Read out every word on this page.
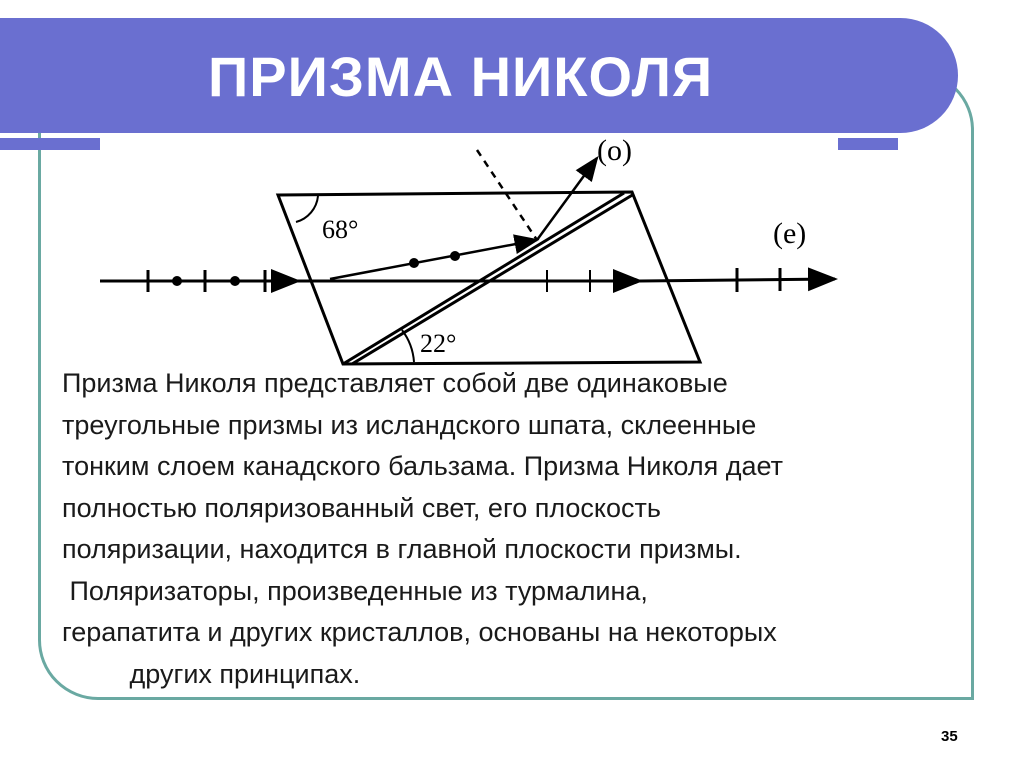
ПРИЗМА НИКОЛЯ
68°
22°
(o)
(e)
Призма Николя представляет собой две одинаковые
треугольные призмы из исландского шпата, склеенные
тонким слоем канадского бальзама. Призма Николя дает
полностью поляризованный свет, его плоскость
поляризации, находится в главной плоскости призмы.
Поляризаторы, произведенные из турмалина,
герапатита и других кристаллов, основаны на некоторых
других принципах.
35
